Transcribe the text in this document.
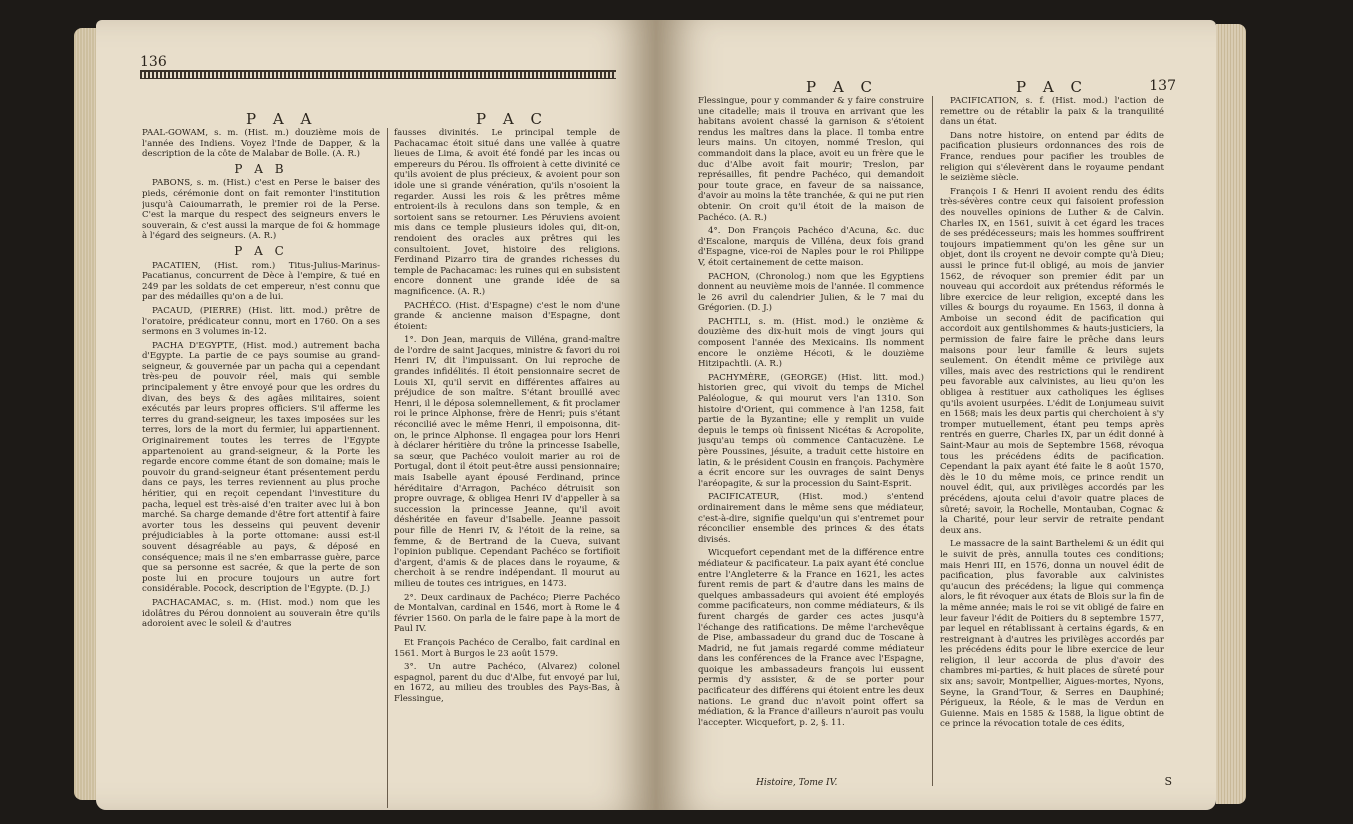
136
P A A	P A C

PAAL-GOWAM, s. m. (Hist. m.) douzième mois de l'année des Indiens. Voyez l'Inde de Dapper, & la description de la côte de Malabar de Bolle. (A. R.)

P A B

PABONS, s. m. (Hist.) c'est en Perse le baiser des pieds, cérémonie dont on fait remonter l'institution jusqu'à Caioumarrath, le premier roi de la Perse. C'est la marque du respect des seigneurs envers le souverain, & c'est aussi la marque de foi & hommage à l'égard des seigneurs. (A. R.)

P A C

PACATIEN, (Hist. rom.) Titus-Julius-Marinus-Pacatianus, concurrent de Dèce à l'empire, & tué en 249 par les soldats de cet empereur, n'est connu que par des médailles qu'on a de lui.

PACAUD, (PIERRE) (Hist. litt. mod.) prêtre de l'oratoire, prédicateur connu, mort en 1760. On a ses sermons en 3 volumes in-12.

PACHA D'EGYPTE, (Hist. mod.) autrement bacha d'Egypte. La partie de ce pays soumise au grand-seigneur, & gouvernée par un pacha qui a cependant très-peu de pouvoir réel, mais qui semble principalement y être envoyé pour que les ordres du divan, des beys & des agâes militaires, soient exécutés par leurs propres officiers. S'il afferme les terres du grand-seigneur, les taxes imposées sur les terres, lors de la mort du fermier, lui appartiennent. Originairement toutes les terres de l'Egypte appartenoient au grand-seigneur, & la Porte les regarde encore comme étant de son domaine; mais le pouvoir du grand-seigneur étant présentement perdu dans ce pays, les terres reviennent au plus proche héritier, qui en reçoit cependant l'investiture du pacha, lequel est très-aisé d'en traiter avec lui à bon marché. Sa charge demande d'être fort attentif à faire avorter tous les desseins qui peuvent devenir préjudiciables à la porte ottomane: aussi est-il souvent désagréable au pays, & déposé en conséquence; mais il ne s'en embarrasse guère, parce que sa personne est sacrée, & que la perte de son poste lui en procure toujours un autre fort considérable. Pocock, description de l'Egypte. (D. J.)

PACHACAMAC, s. m. (Hist. mod.) nom que les idolâtres du Pérou donnoient au souverain être qu'ils adoroient avec le soleil & d'autres

fausses divinités. Le principal temple de Pachacamac étoit situé dans une vallée à quatre lieues de Lima, & avoit été fondé par les incas ou empereurs du Pérou. Ils offroient à cette divinité ce qu'ils avoient de plus précieux, & avoient pour son idole une si grande vénération, qu'ils n'osoient la regarder. Aussi les rois & les prêtres même entroient-ils à reculons dans son temple, & en sortoient sans se retourner. Les Péruviens avoient mis dans ce temple plusieurs idoles qui, dit-on, rendoient des oracles aux prêtres qui les consultoient. Jovet, histoire des religions. Ferdinand Pizarro tira de grandes richesses du temple de Pachacamac: les ruines qui en subsistent encore donnent une grande idée de sa magnificence. (A. R.)

PACHÉCO. (Hist. d'Espagne) c'est le nom d'une grande & ancienne maison d'Espagne, dont étoient:

1°. Don Jean, marquis de Villéna, grand-maître de l'ordre de saint Jacques, ministre & favori du roi Henri IV, dit l'impuissant. On lui reproche de grandes infidélités. Il étoit pensionnaire secret de Louis XI, qu'il servit en différentes affaires au préjudice de son maître. S'étant brouillé avec Henri, il le déposa solemnellement, & fit proclamer roi le prince Alphonse, frère de Henri; puis s'étant réconcilié avec le même Henri, il empoisonna, dit-on, le prince Alphonse. Il engagea pour lors Henri à déclarer héritière du trône la princesse Isabelle, sa sœur, que Pachéco vouloit marier au roi de Portugal, dont il étoit peut-être aussi pensionnaire; mais Isabelle ayant épousé Ferdinand, prince héréditaire d'Arragon, Pachéco détruisit son propre ouvrage, & obligea Henri IV d'appeller à sa succession la princesse Jeanne, qu'il avoit déshéritée en faveur d'Isabelle. Jeanne passoit pour fille de Henri IV, & l'étoit de la reine, sa femme, & de Bertrand de la Cueva, suivant l'opinion publique. Cependant Pachéco se fortifioit d'argent, d'amis & de places dans le royaume, & cherchoit à se rendre indépendant. Il mourut au milieu de toutes ces intrigues, en 1473.

2°. Deux cardinaux de Pachéco; Pierre Pachéco de Montalvan, cardinal en 1546, mort à Rome le 4 février 1560. On parla de le faire pape à la mort de Paul IV.

Et François Pachéco de Ceralbo, fait cardinal en 1561. Mort à Burgos le 23 août 1579.

3°. Un autre Pachéco, (Alvarez) colonel espagnol, parent du duc d'Albe, fut envoyé par lui, en 1672, au milieu des troubles des Pays-Bas, à Flessingue,

P A C	P A C	137

Flessingue, pour y commander & y faire construire une citadelle; mais il trouva en arrivant que les habitans avoient chassé la garnison & s'étoient rendus les maîtres dans la place. Il tomba entre leurs mains. Un citoyen, nommé Treslon, qui commandoit dans la place, avoit eu un frère que le duc d'Albe avoit fait mourir; Treslon, par représailles, fit pendre Pachéco, qui demandoit pour toute grace, en faveur de sa naissance, d'avoir au moins la tête tranchée, & qui ne put rien obtenir. On croit qu'il étoit de la maison de Pachéco. (A. R.)

4°. Don François Pachéco d'Acuna, &c. duc d'Escalone, marquis de Villéna, deux fois grand d'Espagne, vice-roi de Naples pour le roi Philippe V, étoit certainement de cette maison.

PACHON, (Chronolog.) nom que les Egyptiens donnent au neuvième mois de l'année. Il commence le 26 avril du calendrier Julien, & le 7 mai du Grégorien. (D. J.)

PACHTLI, s. m. (Hist. mod.) le onzième & douzième des dix-huit mois de vingt jours qui composent l'année des Mexicains. Ils nomment encore le onzième Hécoti, & le douzième Hitzipachtli. (A. R.)

PACHYMÈRE, (GEORGE) (Hist. litt. mod.) historien grec, qui vivoit du temps de Michel Paléologue, & qui mourut vers l'an 1310. Son histoire d'Orient, qui commence à l'an 1258, fait partie de la Byzantine; elle y remplit un vuide depuis le temps où finissent Nicétas & Acropolite, jusqu'au temps où commence Cantacuzène. Le père Poussines, jésuite, a traduit cette histoire en latin, & le président Cousin en françois. Pachymère a écrit encore sur les ouvrages de saint Denys l'aréopagite, & sur la procession du Saint-Esprit.

PACIFICATEUR, (Hist. mod.) s'entend ordinairement dans le même sens que médiateur, c'est-à-dire, signifie quelqu'un qui s'entremet pour réconcilier ensemble des princes & des états divisés.

Wicquefort cependant met de la différence entre médiateur & pacificateur. La paix ayant été conclue entre l'Angleterre & la France en 1621, les actes furent remis de part & d'autre dans les mains de quelques ambassadeurs qui avoient été employés comme pacificateurs, non comme médiateurs, & ils furent chargés de garder ces actes jusqu'à l'échange des ratifications. De même l'archevêque de Pise, ambassadeur du grand duc de Toscane à Madrid, ne fut jamais regardé comme médiateur dans les conférences de la France avec l'Espagne, quoique les ambassadeurs françois lui eussent permis d'y assister, & de se porter pour pacificateur des différens qui étoient entre les deux nations. Le grand duc n'avoit point offert sa médiation, & la France d'ailleurs n'auroit pas voulu l'accepter. Wicquefort, p. 2, §. 11.

PACIFICATION, s. f. (Hist. mod.) l'action de remettre ou de rétablir la paix & la tranquilité dans un état.

Dans notre histoire, on entend par édits de pacification plusieurs ordonnances des rois de France, rendues pour pacifier les troubles de religion qui s'élevèrent dans le royaume pendant le seizième siècle.

François I & Henri II avoient rendu des édits très-sévères contre ceux qui faisoient profession des nouvelles opinions de Luther & de Calvin. Charles IX, en 1561, suivit à cet égard les traces de ses prédécesseurs; mais les hommes souffrirent toujours impatiemment qu'on les gêne sur un objet, dont ils croyent ne devoir compte qu'à Dieu; aussi le prince fut-il obligé, au mois de janvier 1562, de révoquer son premier édit par un nouveau qui accordoit aux prétendus réformés le libre exercice de leur religion, excepté dans les villes & bourgs du royaume. En 1563, il donna à Amboise un second édit de pacification qui accordoit aux gentilshommes & hauts-justiciers, la permission de faire faire le prêche dans leurs maisons pour leur famille & leurs sujets seulement. On étendit même ce privilège aux villes, mais avec des restrictions qui le rendirent peu favorable aux calvinistes, au lieu qu'on les obligea à restituer aux catholiques les églises qu'ils avoient usurpées. L'édit de Lonjumeau suivit en 1568; mais les deux partis qui cherchoient à s'y tromper mutuellement, étant peu temps après rentrés en guerre, Charles IX, par un édit donné à Saint-Maur au mois de Septembre 1568, révoqua tous les précédens édits de pacification. Cependant la paix ayant été faite le 8 août 1570, dès le 10 du même mois, ce prince rendit un nouvel édit, qui, aux privilèges accordés par les précédens, ajouta celui d'avoir quatre places de sûreté; savoir, la Rochelle, Montauban, Cognac & la Charité, pour leur servir de retraite pendant deux ans.

Le massacre de la saint Barthelemi & un édit qui le suivit de près, annulla toutes ces conditions; mais Henri III, en 1576, donna un nouvel édit de pacification, plus favorable aux calvinistes qu'aucun des précédens; la ligue qui commença alors, le fit révoquer aux états de Blois sur la fin de la même année; mais le roi se vit obligé de faire en leur faveur l'édit de Poitiers du 8 septembre 1577, par lequel en rétablissant à certains égards, & en restreignant à d'autres les privilèges accordés par les précédens édits pour le libre exercice de leur religion, il leur accorda de plus d'avoir des chambres mi-parties, & huit places de sûreté pour six ans; savoir, Montpellier, Aigues-mortes, Nyons, Seyne, la Grand'Tour, & Serres en Dauphiné; Périgueux, la Réole, & le mas de Verdun en Guienne. Mais en 1585 & 1588, la ligue obtint de ce prince la révocation totale de ces édits,

Histoire, Tome IV.	S
